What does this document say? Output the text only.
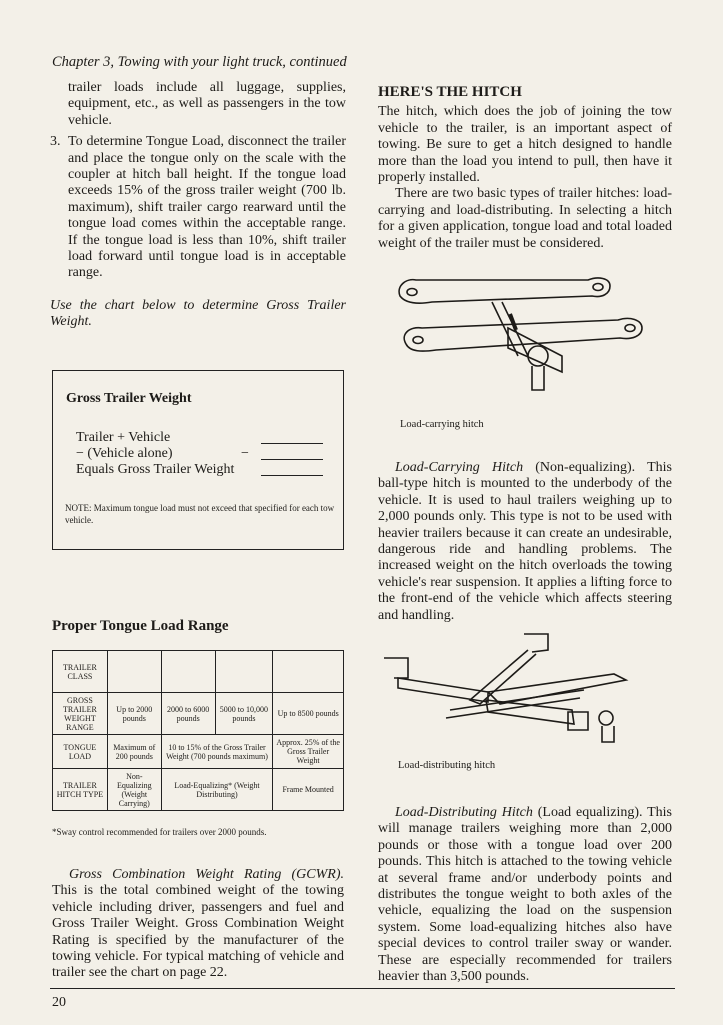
Chapter 3, Towing with your light truck, continued

trailer loads include all luggage, supplies, equipment, etc., as well as passengers in the tow vehicle.

3. To determine Tongue Load, disconnect the trailer and place the tongue only on the scale with the coupler at hitch ball height. If the tongue load exceeds 15% of the gross trailer weight (700 lb. maximum), shift trailer cargo rearward until the tongue load comes within the acceptable range. If the tongue load is less than 10%, shift trailer load forward until tongue load is in acceptable range.

Use the chart below to determine Gross Trailer Weight.

Gross Trailer Weight
Trailer + Vehicle
− (Vehicle alone)	−
Equals Gross Trailer Weight
NOTE: Maximum tongue load must not exceed that specified for each tow vehicle.
Proper Tongue Load Range
TRAILER CLASS				
GROSS TRAILER WEIGHT RANGE	Up to 2000 pounds	2000 to 6000 pounds	5000 to 10,000 pounds	Up to 8500 pounds
TONGUE LOAD	Maximum of 200 pounds	10 to 15% of the Gross Trailer Weight (700 pounds maximum)		Approx. 25% of the Gross Trailer Weight
TRAILER HITCH TYPE	Non-Equalizing (Weight Carrying)	Load-Equalizing* (Weight Distributing)		Frame Mounted
*Sway control recommended for trailers over 2000 pounds.

Gross Combination Weight Rating (GCWR). This is the total combined weight of the towing vehicle including driver, passengers and fuel and Gross Trailer Weight. Gross Combination Weight Rating is specified by the manufacturer of the towing vehicle. For typical matching of vehicle and trailer see the chart on page 22.

HERE'S THE HITCH

The hitch, which does the job of joining the tow vehicle to the trailer, is an important aspect of towing. Be sure to get a hitch designed to handle more than the load you intend to pull, then have it properly installed.

There are two basic types of trailer hitches: load-carrying and load-distributing. In selecting a hitch for a given application, tongue load and total loaded weight of the trailer must be considered.

Load-carrying hitch

Load-Carrying Hitch (Non-equalizing). This ball-type hitch is mounted to the underbody of the vehicle. It is used to haul trailers weighing up to 2,000 pounds only. This type is not to be used with heavier trailers because it can create an undesirable, dangerous ride and handling problems. The increased weight on the hitch overloads the towing vehicle's rear suspension. It applies a lifting force to the front-end of the vehicle which affects steering and handling.

Load-distributing hitch

Load-Distributing Hitch (Load equalizing). This will manage trailers weighing more than 2,000 pounds or those with a tongue load over 200 pounds. This hitch is attached to the towing vehicle at several frame and/or underbody points and distributes the tongue weight to both axles of the vehicle, equalizing the load on the suspension system. Some load-equalizing hitches also have special devices to control trailer sway or wander. These are especially recommended for trailers heavier than 3,500 pounds.

20
